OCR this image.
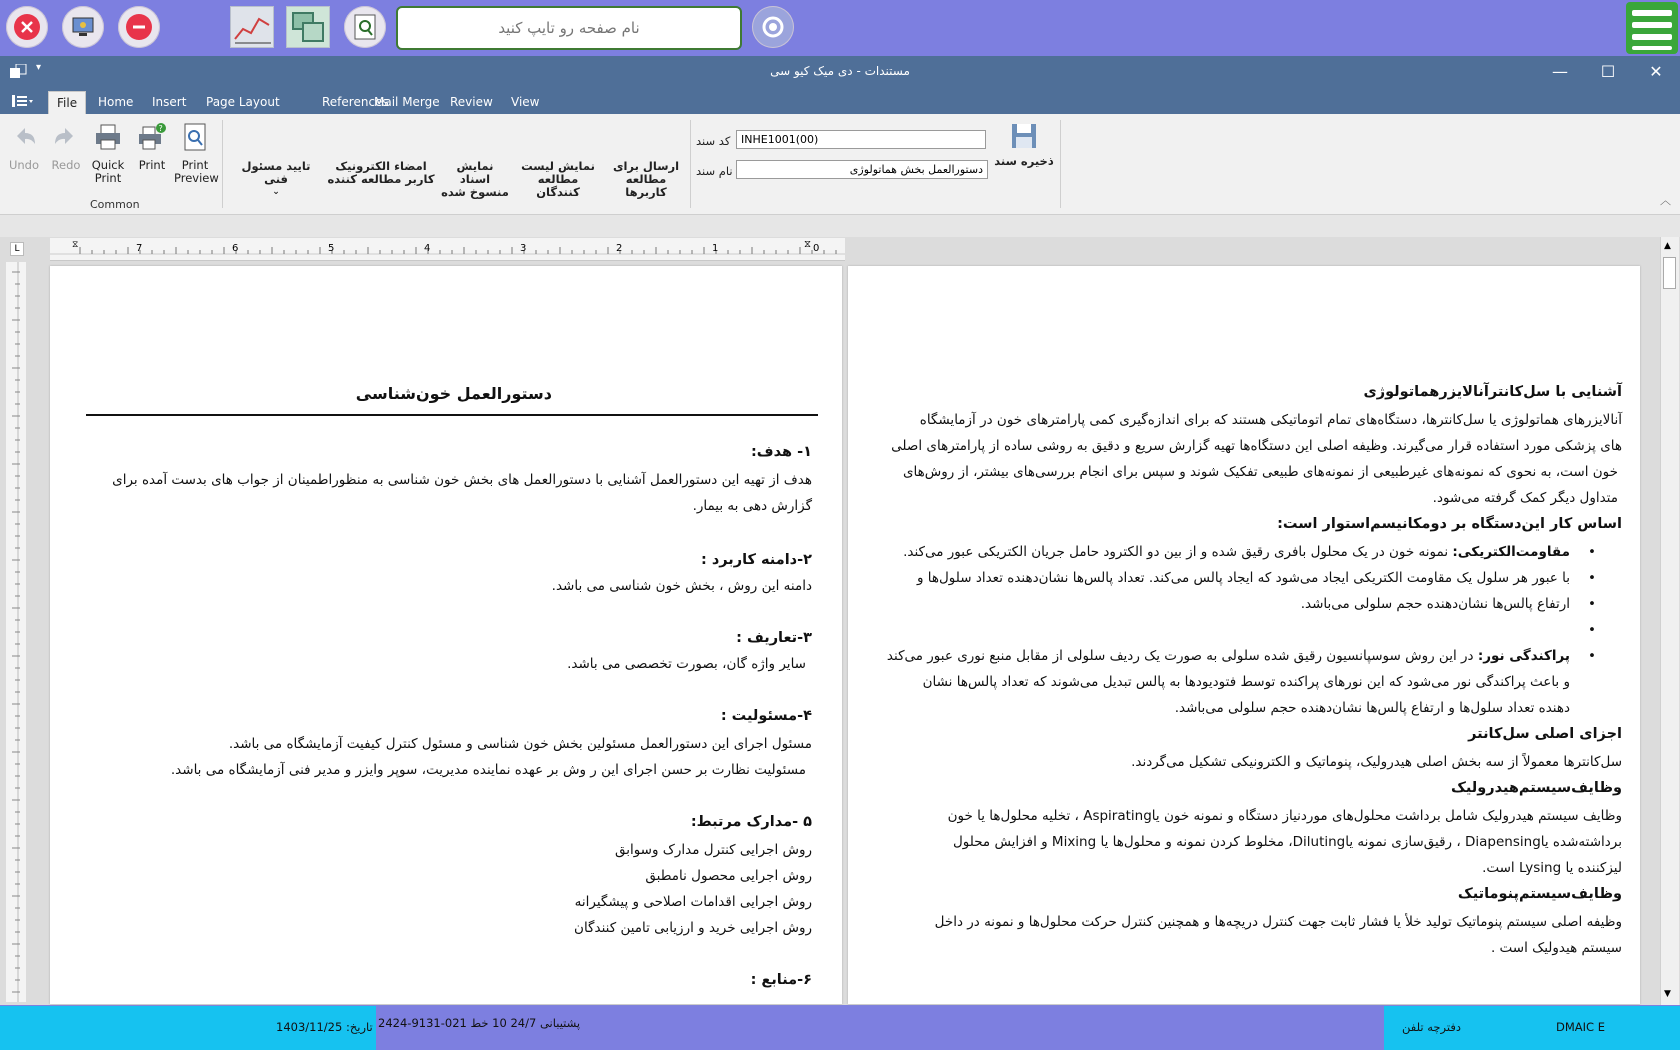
نام صفحه رو تایپ کنید
▾	مستندات - دی میک کیو سی	—	☐	✕
File	Home	Insert	Page Layout	References
Mail Merge Review	View
Undo	Redo Quick Print
?
Print	Print Preview
Common
تایید مسئول فنی
⌄
امضاء الکترونیک
کاربر مطالعه کننده
نمایش اسناد
منسوخ شده
نمایش لیست
مطالعه کنندگان
ارسال برای
مطالعه کاربرها
کد سند
INHE1001(00)
نام سند
دستورالعمل بخش هماتولوژی
ذخیره سند
︿
L	⧖	⧖
7	6	5	4	3	2	1	0
دستورالعمل خون‌شناسی
۱- هدف:
هدف از تهیه این دستورالعمل آشنایی با دستورالعمل های بخش خون شناسی به منظوراطمینان از جواب های بدست آمده برای
گزارش دهی به بیمار.
۲-دامنه کاربرد :
دامنه این روش ، بخش خون شناسی می باشد.
۳-تعاریف :
سایر واژه گان، بصورت تخصصی می باشد.
۴-مسئولیت :
مسئول اجرای این دستورالعمل مسئولین بخش خون شناسی و مسئول کنترل کیفیت آزمایشگاه می باشد.
مسئولیت نظارت بر حسن اجرای این ر وش بر عهده نماینده مدیریت، سوپر وایزر و مدیر فنی آزمایشگاه می باشد.
۵ -مدارک مرتبط:
روش اجرایی کنترل مدارک وسوابق
روش اجرایی محصول نامطبق
روش اجرایی اقدامات اصلاحی و پیشگیرانه
روش اجرایی خرید و ارزیابی تامین کنندگان
۶-منابع :
آشنایی با سل‌کانترآنالایزرهماتولوژی
آنالایزرهای هماتولوژی یا سل‌کانترها، دستگاه‌های تمام اتوماتیکی هستند که برای اندازه‌گیری کمی پارامترهای خون در آزمایشگاه
های پزشکی مورد استفاده قرار می‌گیرند. وظیفه اصلی این دستگاه‌ها تهیه گزارش سریع و دقیق به روشی ساده از پارامترهای اصلی
خون است، به نحوی که نمونه‌های غیرطبیعی از نمونه‌های طبیعی تفکیک شوند و سپس برای انجام بررسی‌های بیشتر، از روش‌های
متداول دیگر کمک گرفته می‌شود.
اساس کار این‌دستگاه بر دومکانیسم‌استوار است:
مقاومت‌الکتریکی: نمونه خون در یک محلول بافری رقیق شده و از بین دو الکترود حامل جریان الکتریکی عبور می‌کند.
با عبور هر سلول یک مقاومت الکتریکی ایجاد می‌شود که ایجاد پالس می‌کند. تعداد پالس‌ها نشان‌دهنده تعداد سلول‌ها و
ارتفاع پالس‌ها نشان‌دهنده حجم سلولی می‌باشد.
پراکندگی نور: در این روش سوسپانسیون رقیق شده سلولی به صورت یک ردیف سلولی از مقابل منبع نوری عبور می‌کند
و باعث پراکندگی نور می‌شود که این نورهای پراکنده توسط فتودیودها به پالس تبدیل می‌شوند که تعداد پالس‌ها نشان
دهنده تعداد سلول‌ها و ارتفاع پالس‌ها نشان‌دهنده حجم سلولی می‌باشد.
اجزای اصلی سل‌کانتر
سل‌کانترها معمولاً از سه بخش اصلی هیدرولیک، پنوماتیک و الکترونیکی تشکیل می‌گردند.
وظایف‌سیستم‌هیدرولیک
وظایف سیستم هیدرولیک شامل برداشت محلول‌های موردنیاز دستگاه و نمونه خون یاAspirating ، تخلیه محلول‌ها یا خون
برداشته‌شده یاDiapensing ، رقیق‌سازی نمونه یاDiluting، مخلوط کردن نمونه و محلول‌ها یا Mixing و افزایش محلول
لیزکننده یا Lysing است.
وظایف‌سیستم‌پنوماتیک
وظیفه اصلی سیستم پنوماتیک تولید خلأ یا فشار ثابت جهت کنترل دریچه‌ها و همچنین کنترل حرکت محلول‌ها و نمونه در داخل
سیستم هیدولیک است .
▲
▼
تاریخ: 1403/11/25 پشتیبانی 24/7 10 خط 021-9131-2424	دفترچه تلفن	DMAIC E
